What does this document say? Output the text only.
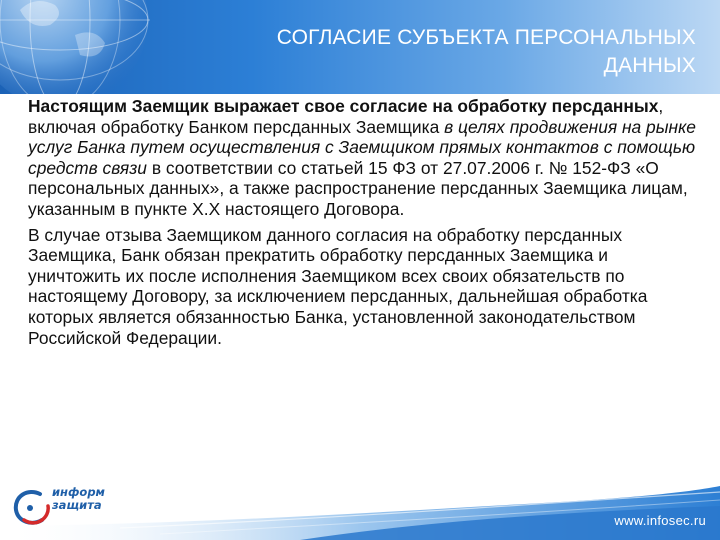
СОГЛАСИЕ СУБЪЕКТА ПЕРСОНАЛЬНЫХ
ДАННЫХ

Настоящим Заемщик выражает свое согласие на обработку персданных, включая обработку Банком персданных Заемщика в целях продвижения на рынке услуг Банка путем осуществления с Заемщиком прямых контактов с помощью средств связи в соответствии со статьей 15 ФЗ от 27.07.2006 г. № 152-ФЗ «О персональных данных», а также распространение персданных Заемщика лицам, указанным в пункте Х.Х настоящего Договора.

В случае отзыва Заемщиком данного согласия на обработку персданных Заемщика, Банк обязан прекратить обработку персданных Заемщика и уничтожить их после исполнения Заемщиком всех своих обязательств по настоящему Договору, за исключением персданных, дальнейшая обработка которых является обязанностью Банка, установленной законодательством Российской Федерации.

информ
защита
www.infosec.ru
